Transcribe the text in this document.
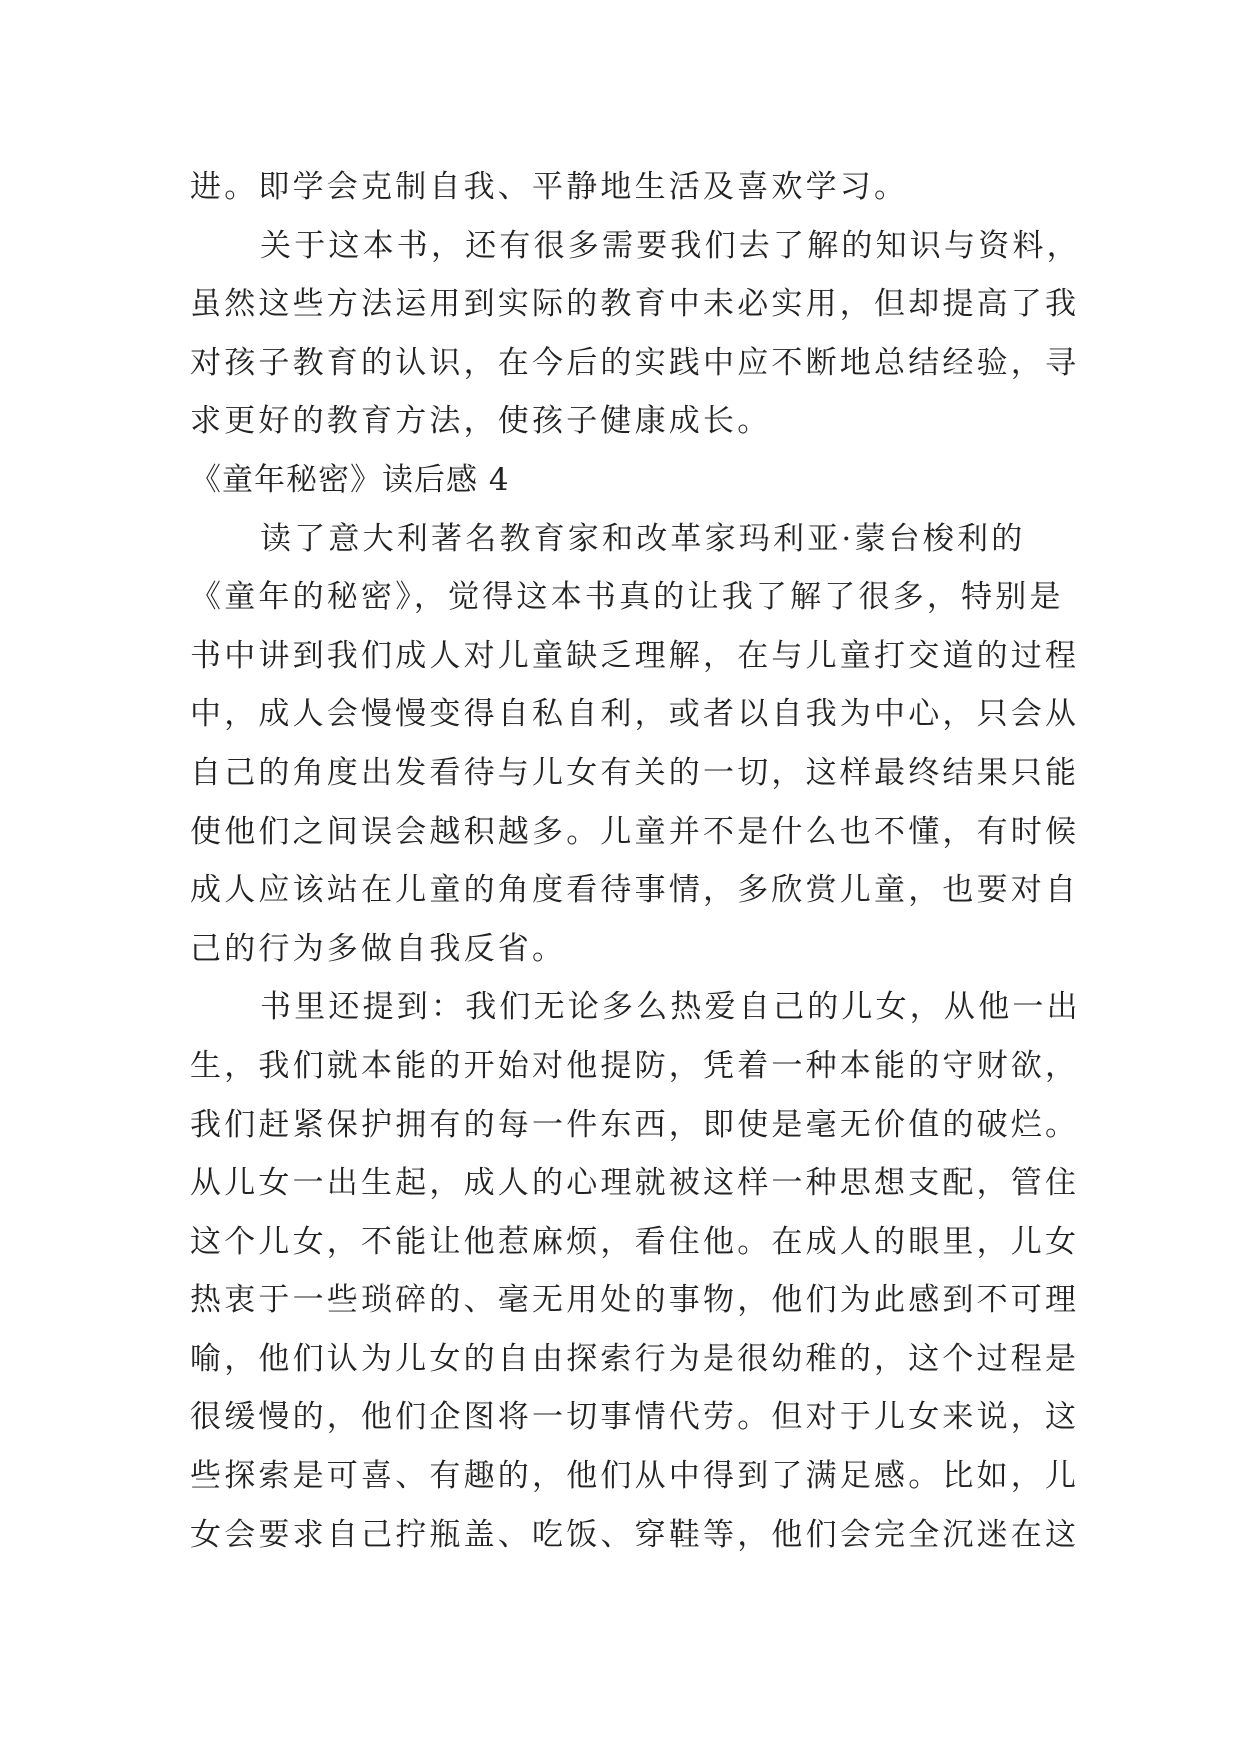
进。即学会克制自我、平静地生活及喜欢学习。
关于这本书，还有很多需要我们去了解的知识与资料，
虽然这些方法运用到实际的教育中未必实用，但却提高了我
对孩子教育的认识，在今后的实践中应不断地总结经验，寻
求更好的教育方法，使孩子健康成长。
《童年秘密》读后感 4
读了意大利著名教育家和改革家玛利亚·蒙台梭利的
《童年的秘密》，觉得这本书真的让我了解了很多，特别是
书中讲到我们成人对儿童缺乏理解，在与儿童打交道的过程
中，成人会慢慢变得自私自利，或者以自我为中心，只会从
自己的角度出发看待与儿女有关的一切，这样最终结果只能
使他们之间误会越积越多。儿童并不是什么也不懂，有时候
成人应该站在儿童的角度看待事情，多欣赏儿童，也要对自
己的行为多做自我反省。
书里还提到：我们无论多么热爱自己的儿女，从他一出
生，我们就本能的开始对他提防，凭着一种本能的守财欲，
我们赶紧保护拥有的每一件东西，即使是毫无价值的破烂。
从儿女一出生起，成人的心理就被这样一种思想支配，管住
这个儿女，不能让他惹麻烦，看住他。在成人的眼里，儿女
热衷于一些琐碎的、毫无用处的事物，他们为此感到不可理
喻，他们认为儿女的自由探索行为是很幼稚的，这个过程是
很缓慢的，他们企图将一切事情代劳。但对于儿女来说，这
些探索是可喜、有趣的，他们从中得到了满足感。比如，儿
女会要求自己拧瓶盖、吃饭、穿鞋等，他们会完全沉迷在这
